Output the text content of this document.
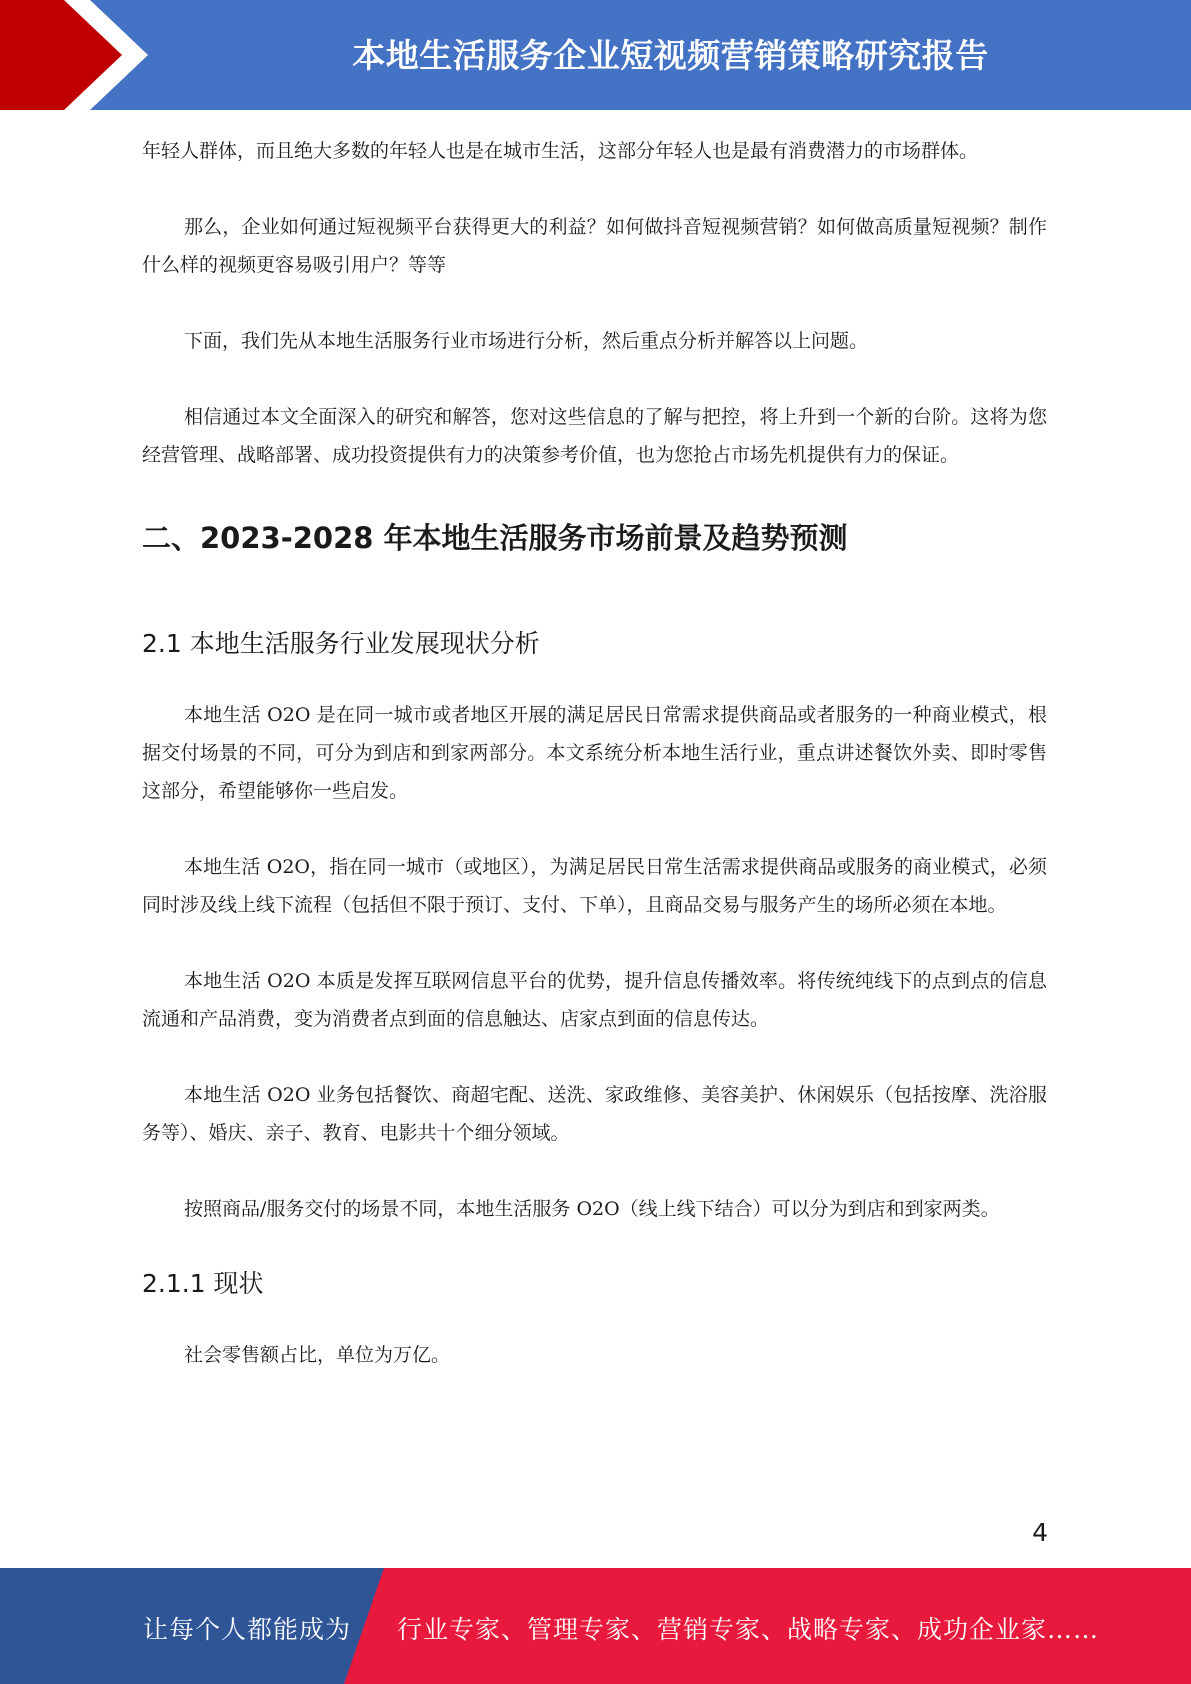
本地生活服务企业短视频营销策略研究报告

年轻人群体，而且绝大多数的年轻人也是在城市生活，这部分年轻人也是最有消费潜力的市场群体。

那么，企业如何通过短视频平台获得更大的利益？如何做抖音短视频营销？如何做高质量短视频？制作什么样的视频更容易吸引用户？等等

下面，我们先从本地生活服务行业市场进行分析，然后重点分析并解答以上问题。

相信通过本文全面深入的研究和解答，您对这些信息的了解与把控，将上升到一个新的台阶。这将为您经营管理、战略部署、成功投资提供有力的决策参考价值，也为您抢占市场先机提供有力的保证。

二、2023-2028 年本地生活服务市场前景及趋势预测
2.1 本地生活服务行业发展现状分析

本地生活 O2O 是在同一城市或者地区开展的满足居民日常需求提供商品或者服务的一种商业模式，根据交付场景的不同，可分为到店和到家两部分。本文系统分析本地生活行业，重点讲述餐饮外卖、即时零售这部分，希望能够你一些启发。

本地生活 O2O，指在同一城市（或地区），为满足居民日常生活需求提供商品或服务的商业模式，必须同时涉及线上线下流程（包括但不限于预订、支付、下单），且商品交易与服务产生的场所必须在本地。

本地生活 O2O 本质是发挥互联网信息平台的优势，提升信息传播效率。将传统纯线下的点到点的信息流通和产品消费，变为消费者点到面的信息触达、店家点到面的信息传达。

本地生活 O2O 业务包括餐饮、商超宅配、送洗、家政维修、美容美护、休闲娱乐（包括按摩、洗浴服务等）、婚庆、亲子、教育、电影共十个细分领域。

按照商品/服务交付的场景不同，本地生活服务 O2O（线上线下结合）可以分为到店和到家两类。

2.1.1 现状

社会零售额占比，单位为万亿。

4
让每个人都能成为 行业专家、管理专家、营销专家、战略专家、成功企业家……
